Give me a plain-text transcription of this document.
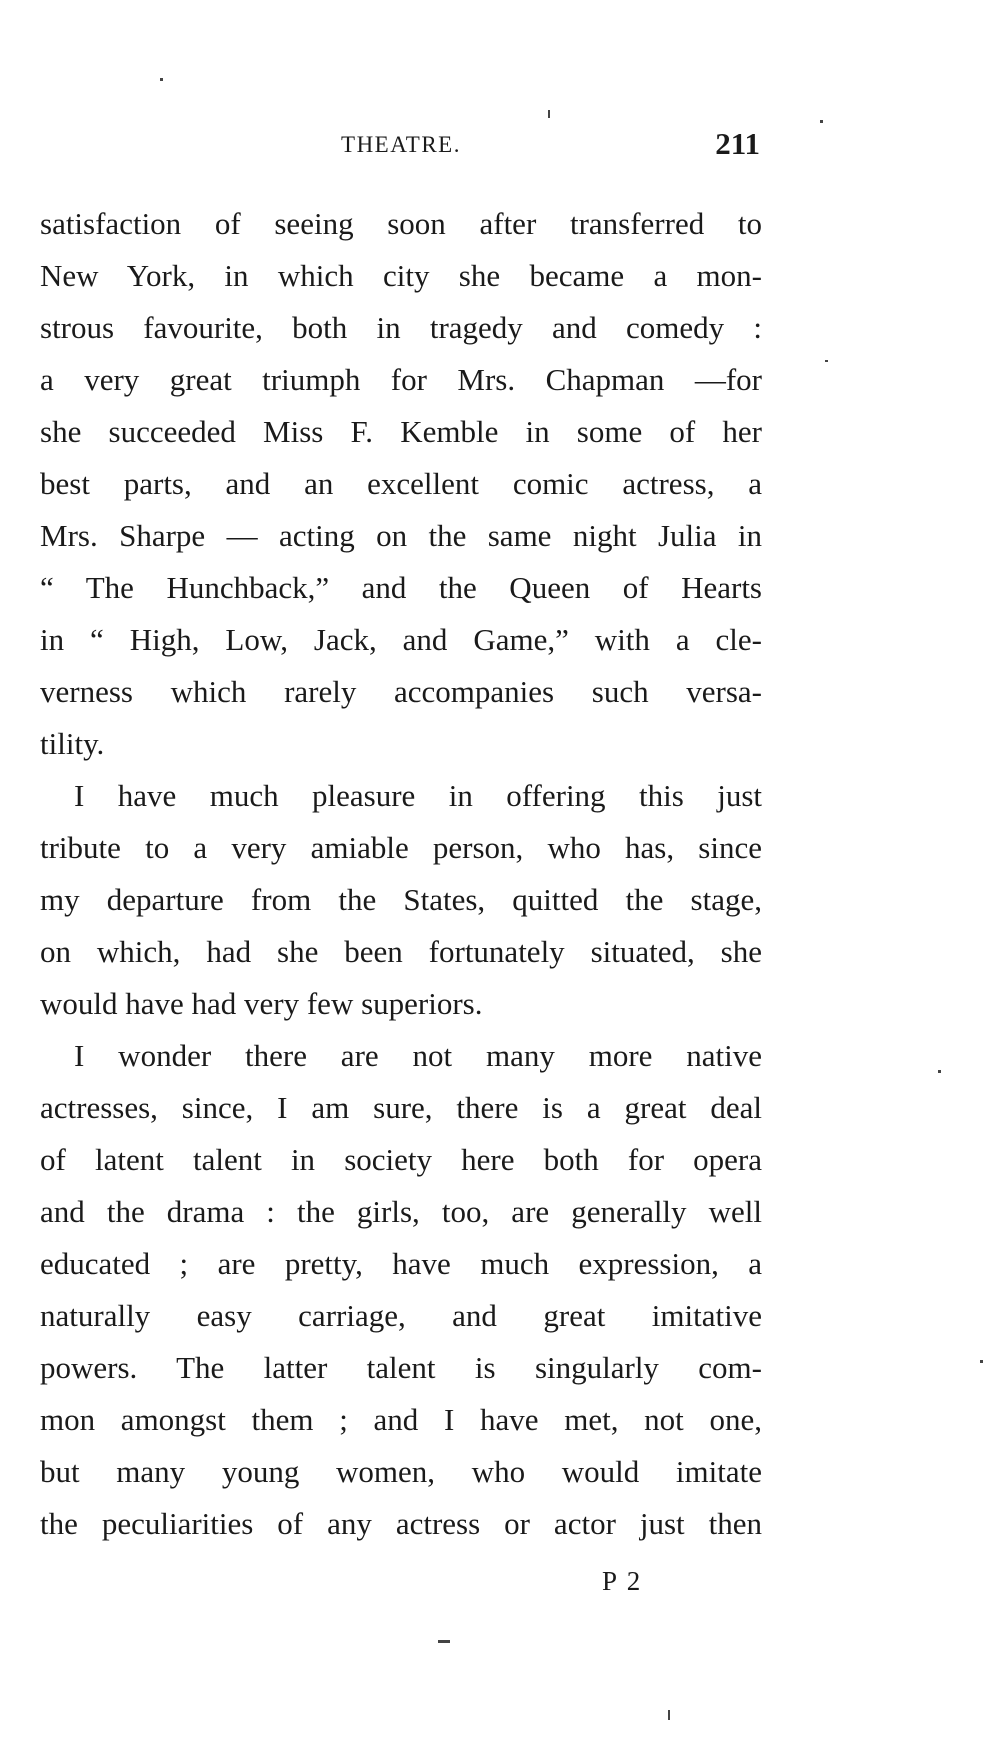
THEATRE.	211
satisfaction of seeing soon after transferred to
New York, in which city she became a mon-
strous favourite, both in tragedy and comedy :
a very great triumph for Mrs. Chapman —for
she succeeded Miss F. Kemble in some of her
best parts, and an excellent comic actress, a
Mrs. Sharpe — acting on the same night Julia in
“ The Hunchback,” and the Queen of Hearts
in “ High, Low, Jack, and Game,” with a cle-
verness which rarely accompanies such versa-
tility.
I have much pleasure in offering this just
tribute to a very amiable person, who has, since
my departure from the States, quitted the stage,
on which, had she been fortunately situated, she
would have had very few superiors.
I wonder there are not many more native
actresses, since, I am sure, there is a great deal
of latent talent in society here both for opera
and the drama : the girls, too, are generally well
educated ; are pretty, have much expression, a
naturally easy carriage, and great imitative
powers. The latter talent is singularly com-
mon amongst them ; and I have met, not one,
but many young women, who would imitate
the peculiarities of any actress or actor just then
P 2
